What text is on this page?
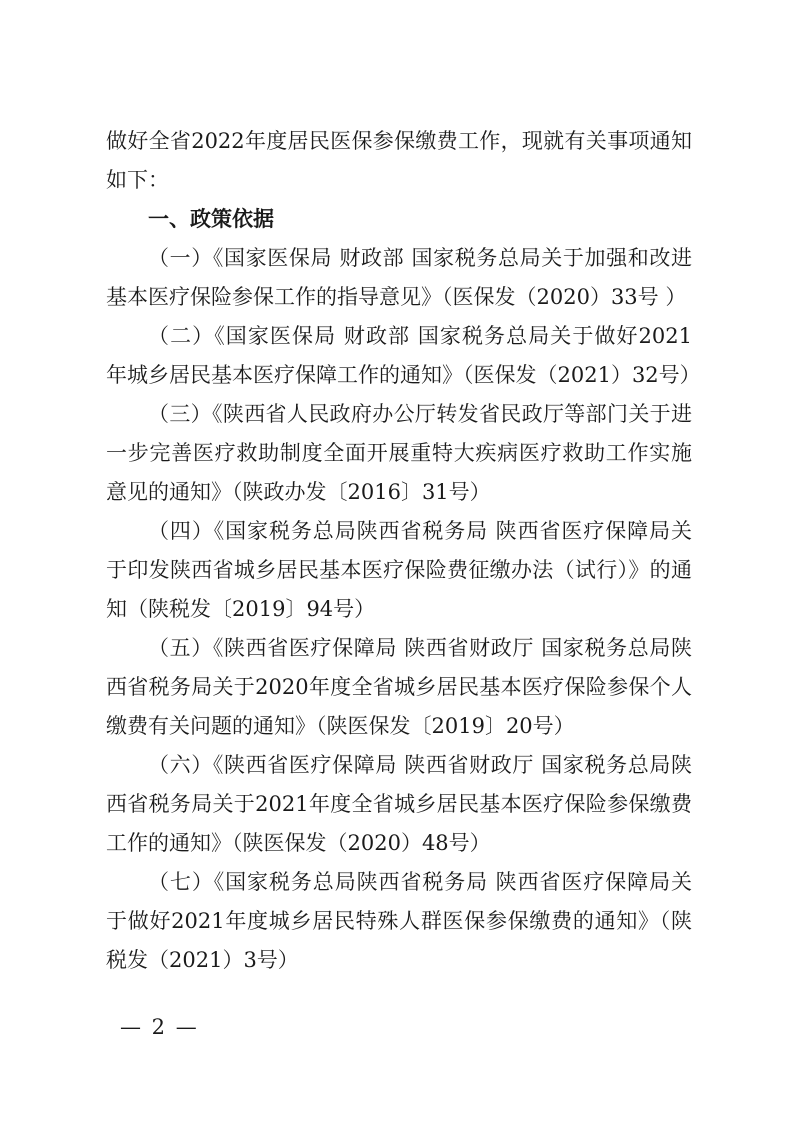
做好全省2022年度居民医保参保缴费工作，现就有关事项通知
如下：
一、政策依据
（一）《国家医保局 财政部 国家税务总局关于加强和改进
基本医疗保险参保工作的指导意见》（医保发（2020）33号 ）
（二）《国家医保局 财政部 国家税务总局关于做好2021
年城乡居民基本医疗保障工作的通知》（医保发（2021）32号）
（三）《陕西省人民政府办公厅转发省民政厅等部门关于进
一步完善医疗救助制度全面开展重特大疾病医疗救助工作实施
意见的通知》（陕政办发〔2016〕31号）
（四）《国家税务总局陕西省税务局 陕西省医疗保障局关
于印发陕西省城乡居民基本医疗保险费征缴办法（试行）》的通
知（陕税发〔2019〕94号）
（五）《陕西省医疗保障局 陕西省财政厅 国家税务总局陕
西省税务局关于2020年度全省城乡居民基本医疗保险参保个人
缴费有关问题的通知》（陕医保发〔2019〕20号）
（六）《陕西省医疗保障局 陕西省财政厅 国家税务总局陕
西省税务局关于2021年度全省城乡居民基本医疗保险参保缴费
工作的通知》（陕医保发（2020）48号）
（七）《国家税务总局陕西省税务局 陕西省医疗保障局关
于做好2021年度城乡居民特殊人群医保参保缴费的通知》（陕
税发（2021）3号）
— 2 —
